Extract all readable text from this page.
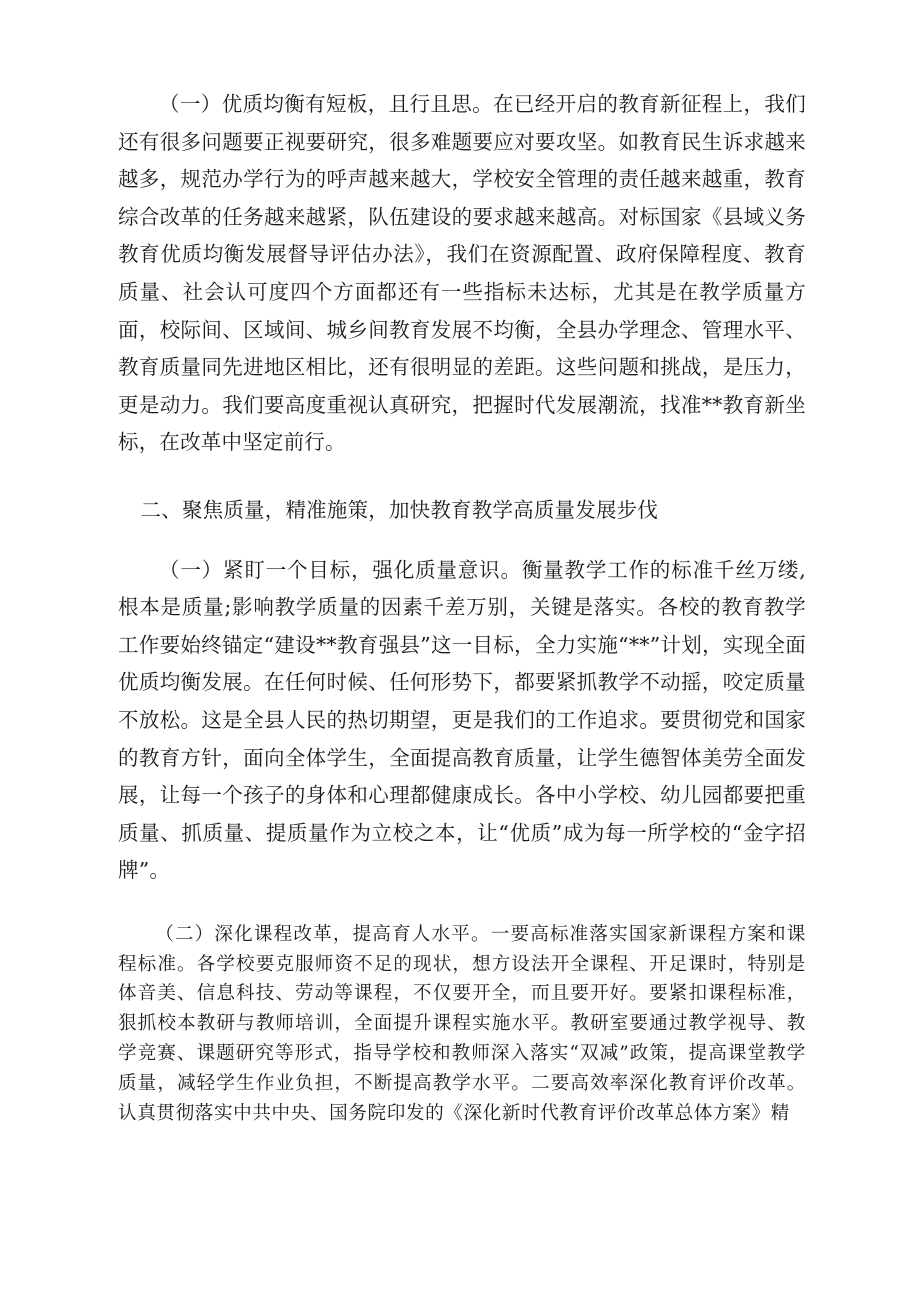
（一）优质均衡有短板，且行且思。在已经开启的教育新征程上，我们还有很多问题要正视要研究，很多难题要应对要攻坚。如教育民生诉求越来越多，规范办学行为的呼声越来越大，学校安全管理的责任越来越重，教育综合改革的任务越来越紧，队伍建设的要求越来越高。对标国家《县域义务教育优质均衡发展督导评估办法》，我们在资源配置、政府保障程度、教育质量、社会认可度四个方面都还有一些指标未达标，尤其是在教学质量方面，校际间、区域间、城乡间教育发展不均衡，全县办学理念、管理水平、教育质量同先进地区相比，还有很明显的差距。这些问题和挑战，是压力，更是动力。我们要高度重视认真研究，把握时代发展潮流，找准**教育新坐标，在改革中坚定前行。

二、聚焦质量，精准施策，加快教育教学高质量发展步伐

（一）紧盯一个目标，强化质量意识。衡量教学工作的标准千丝万缕,根本是质量;影响教学质量的因素千差万别，关键是落实。各校的教育教学工作要始终锚定“建设**教育强县”这一目标，全力实施“**”计划，实现全面优质均衡发展。在任何时候、任何形势下，都要紧抓教学不动摇，咬定质量不放松。这是全县人民的热切期望，更是我们的工作追求。要贯彻党和国家的教育方针，面向全体学生，全面提高教育质量，让学生德智体美劳全面发展，让每一个孩子的身体和心理都健康成长。各中小学校、幼儿园都要把重质量、抓质量、提质量作为立校之本，让“优质”成为每一所学校的“金字招牌”。

（二）深化课程改革，提高育人水平。一要高标准落实国家新课程方案和课程标准。各学校要克服师资不足的现状，想方设法开全课程、开足课时，特别是体音美、信息科技、劳动等课程，不仅要开全，而且要开好。要紧扣课程标准，狠抓校本教研与教师培训，全面提升课程实施水平。教研室要通过教学视导、教学竞赛、课题研究等形式，指导学校和教师深入落实“双减”政策，提高课堂教学质量，减轻学生作业负担，不断提高教学水平。二要高效率深化教育评价改革。认真贯彻落实中共中央、国务院印发的《深化新时代教育评价改革总体方案》精
